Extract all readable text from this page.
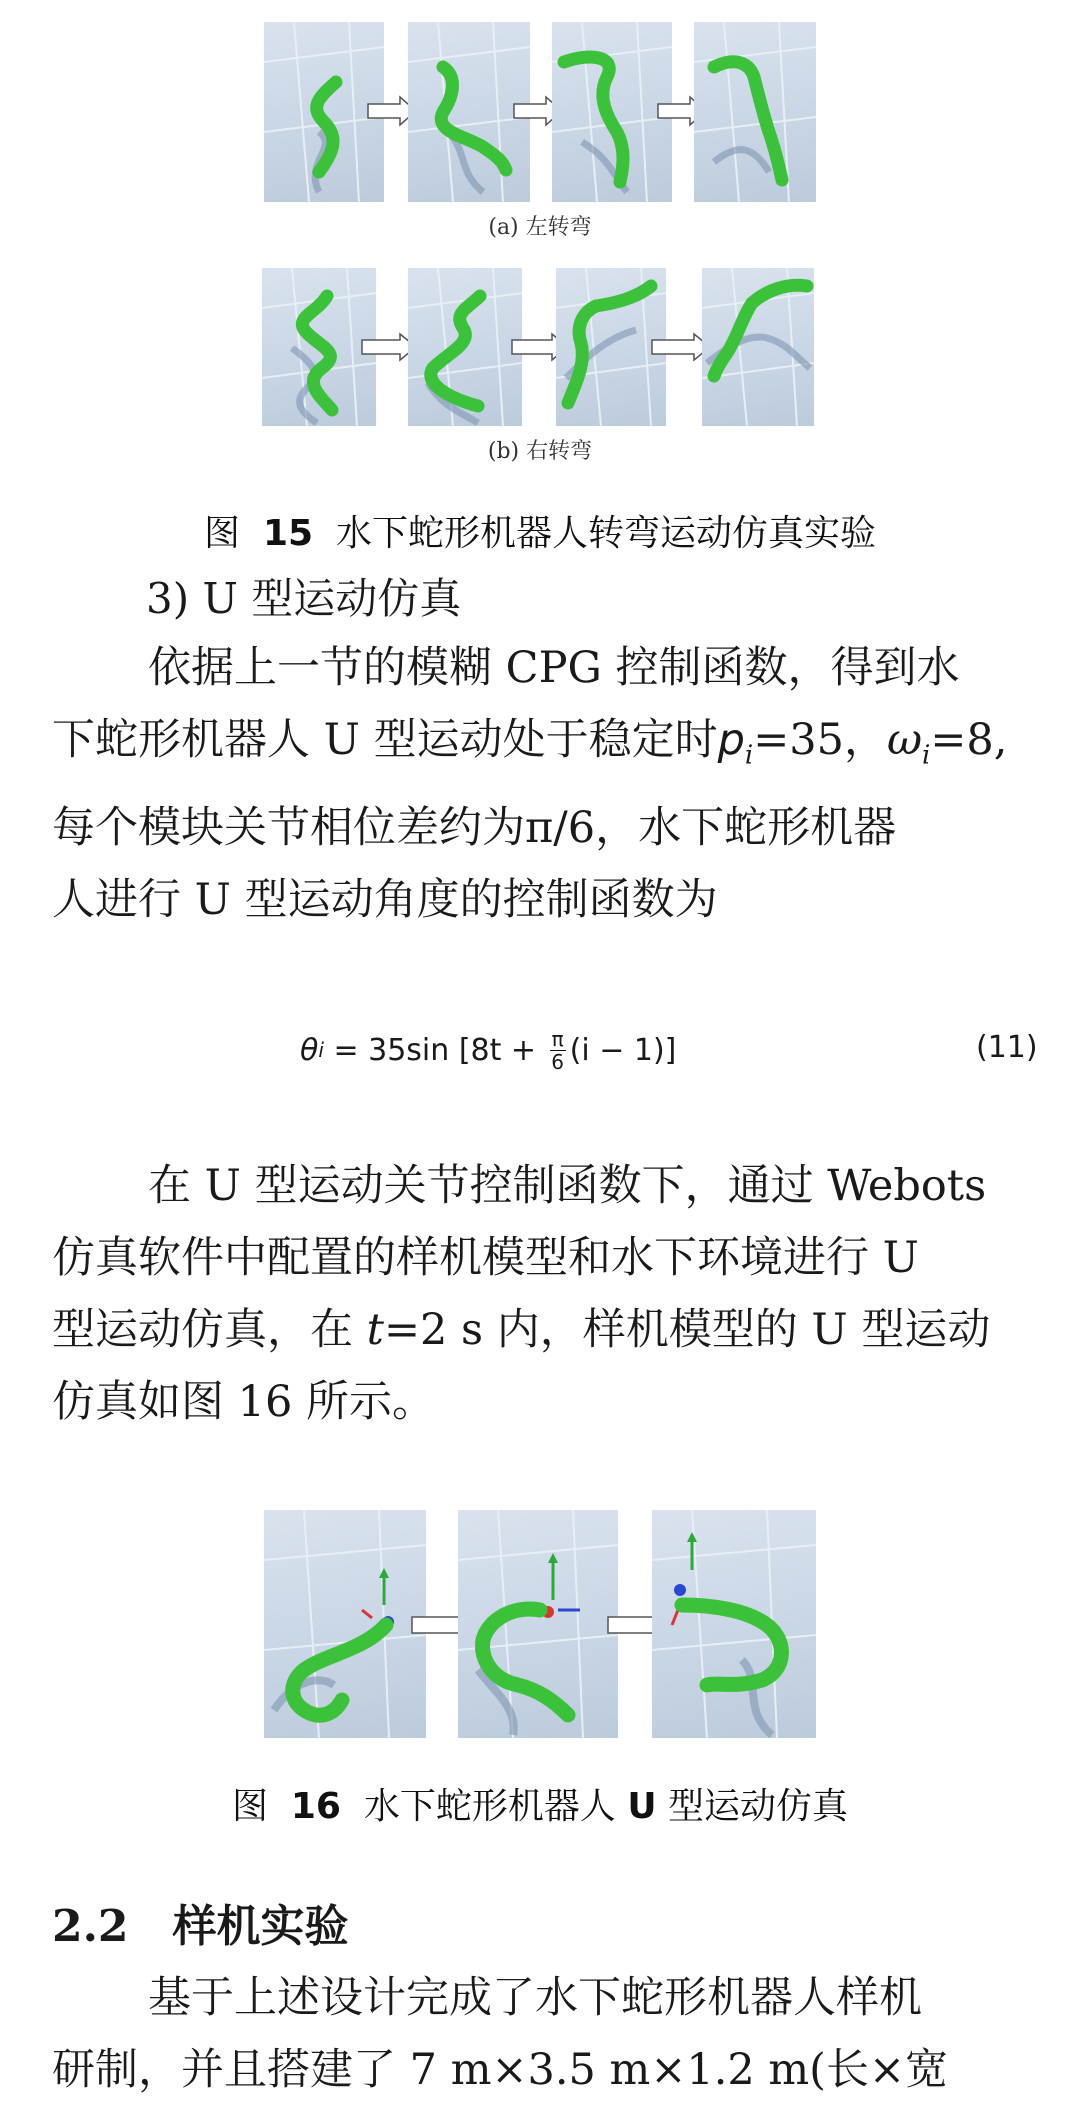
(a) 左转弯
(b) 右转弯
图 15 水下蛇形机器人转弯运动仿真实验
3) U 型运动仿真

依据上一节的模糊 CPG 控制函数，得到水

下蛇形机器人 U 型运动处于稳定时$p_i=35$，$\omega_i=8$,

每个模块关节相位差约为π/6，水下蛇形机器

人进行 U 型运动角度的控制函数为

θ i = 35sin $[8t + \frac{\pi}{6} (i - 1)]$	(11)

在 U 型运动关节控制函数下，通过 Webots

仿真软件中配置的样机模型和水下环境进行 U

型运动仿真，在 t=2 s 内，样机模型的 U 型运动

仿真如图 16 所示。

图 16 水下蛇形机器人 U 型运动仿真
2.2 样机实验

基于上述设计完成了水下蛇形机器人样机

研制，并且搭建了 7 m×3.5 m×1.2 m(长×宽
